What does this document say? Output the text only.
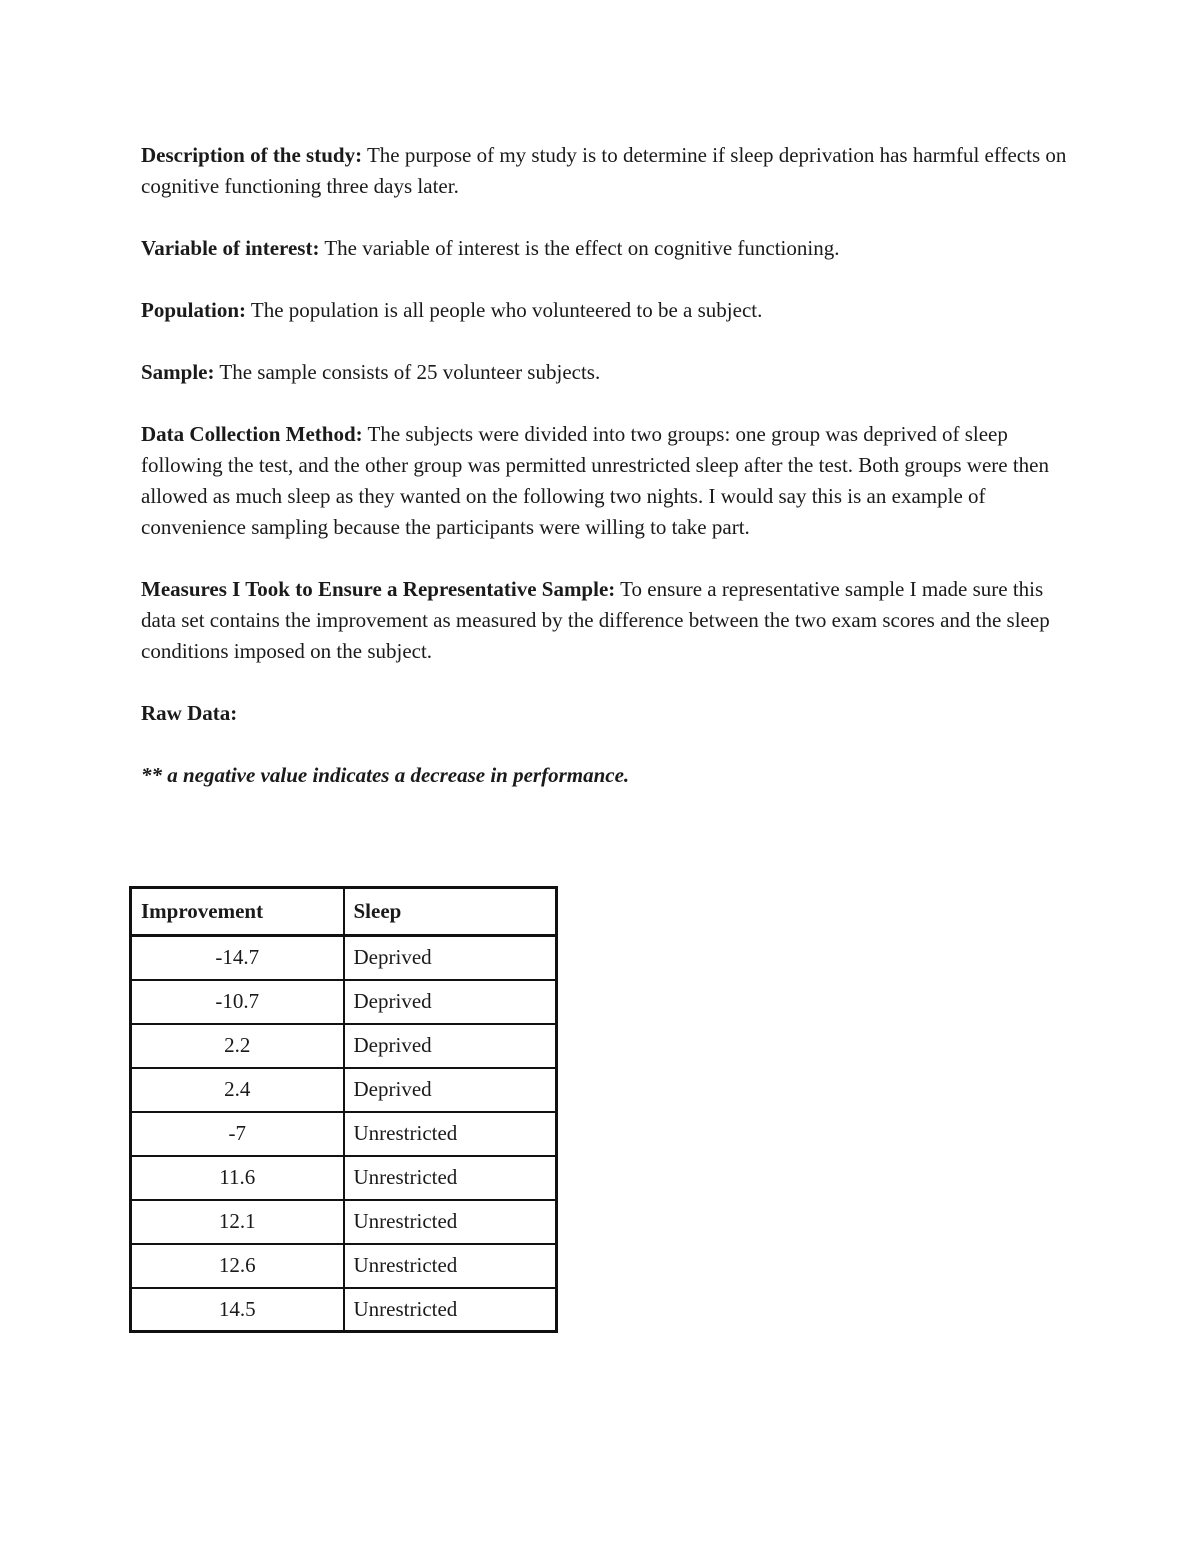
Description of the study: The purpose of my study is to determine if sleep deprivation has harmful effects on cognitive functioning three days later.

Variable of interest: The variable of interest is the effect on cognitive functioning.

Population: The population is all people who volunteered to be a subject.

Sample: The sample consists of 25 volunteer subjects.

Data Collection Method: The subjects were divided into two groups: one group was deprived of sleep following the test, and the other group was permitted unrestricted sleep after the test. Both groups were then allowed as much sleep as they wanted on the following two nights. I would say this is an example of convenience sampling because the participants were willing to take part.

Measures I Took to Ensure a Representative Sample: To ensure a representative sample I made sure this data set contains the improvement as measured by the difference between the two exam scores and the sleep conditions imposed on the subject.

Raw Data:

** a negative value indicates a decrease in performance.

Improvement	Sleep
-14.7	Deprived
-10.7	Deprived
2.2	Deprived
2.4	Deprived
-7	Unrestricted
11.6	Unrestricted
12.1	Unrestricted
12.6	Unrestricted
14.5	Unrestricted
